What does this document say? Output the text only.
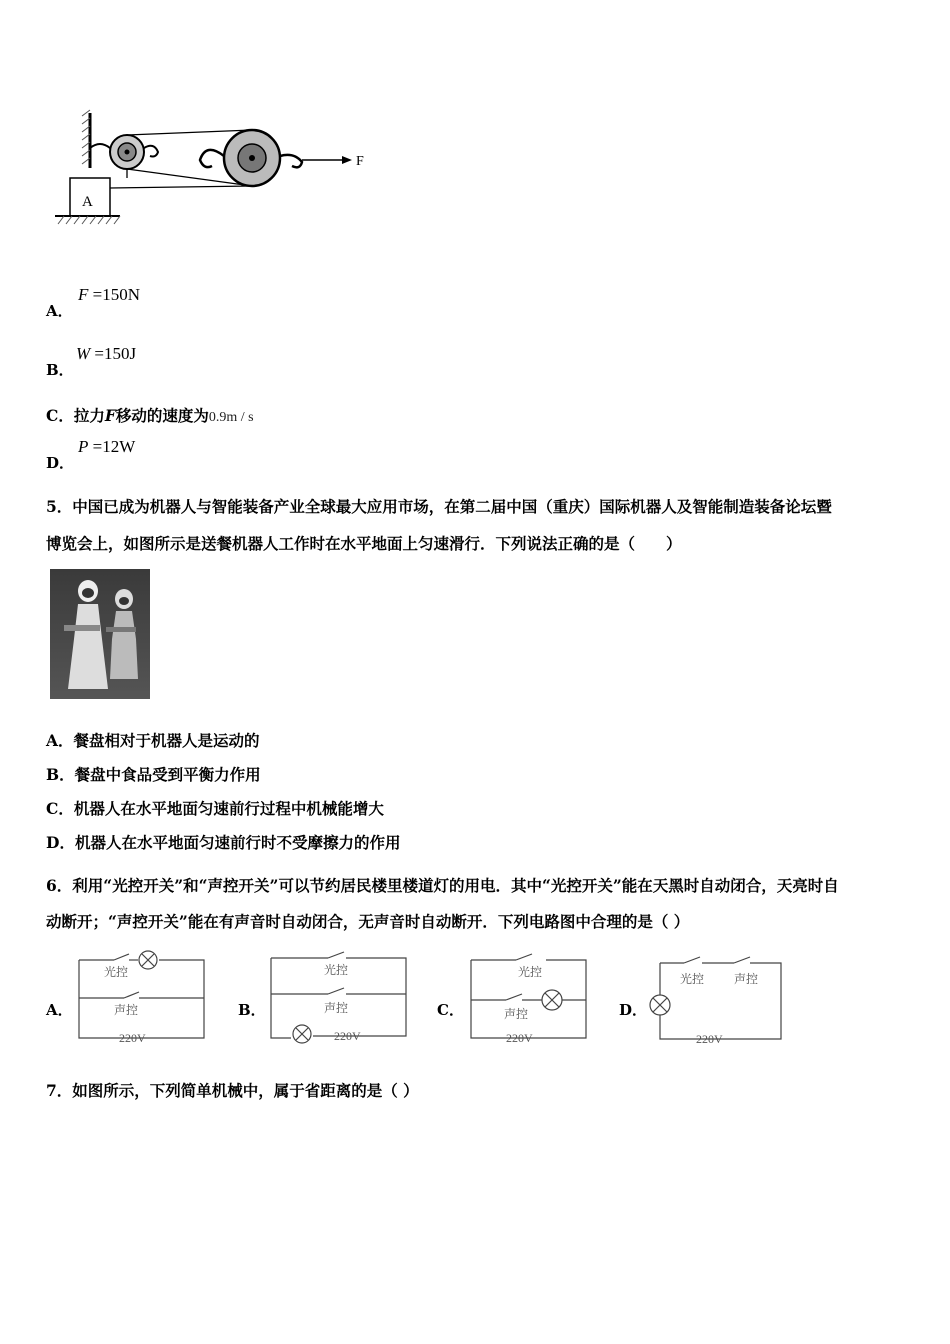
F
A
A．
F =150N
B．
W =150J
C．拉力F移动的速度为0.9m / s
D．
P =12W
5．中国已成为机器人与智能装备产业全球最大应用市场，在第二届中国（重庆）国际机器人及智能制造装备论坛暨
博览会上，如图所示是送餐机器人工作时在水平地面上匀速滑行．下列说法正确的是（　　）
A．餐盘相对于机器人是运动的
B．餐盘中食品受到平衡力作用
C．机器人在水平地面匀速前行过程中机械能增大
D．机器人在水平地面匀速前行时不受摩擦力的作用
6．利用“光控开关”和“声控开关”可以节约居民楼里楼道灯的用电．其中“光控开关”能在天黑时自动闭合，天亮时自
动断开；“声控开关”能在有声音时自动闭合，无声音时自动断开．下列电路图中合理的是（ ）
A．	B．	C．	D．
光控
声控
220V
光控
声控
220V
光控
声控
220V
光控 声控
220V
7．如图所示，下列简单机械中，属于省距离的是（ ）
